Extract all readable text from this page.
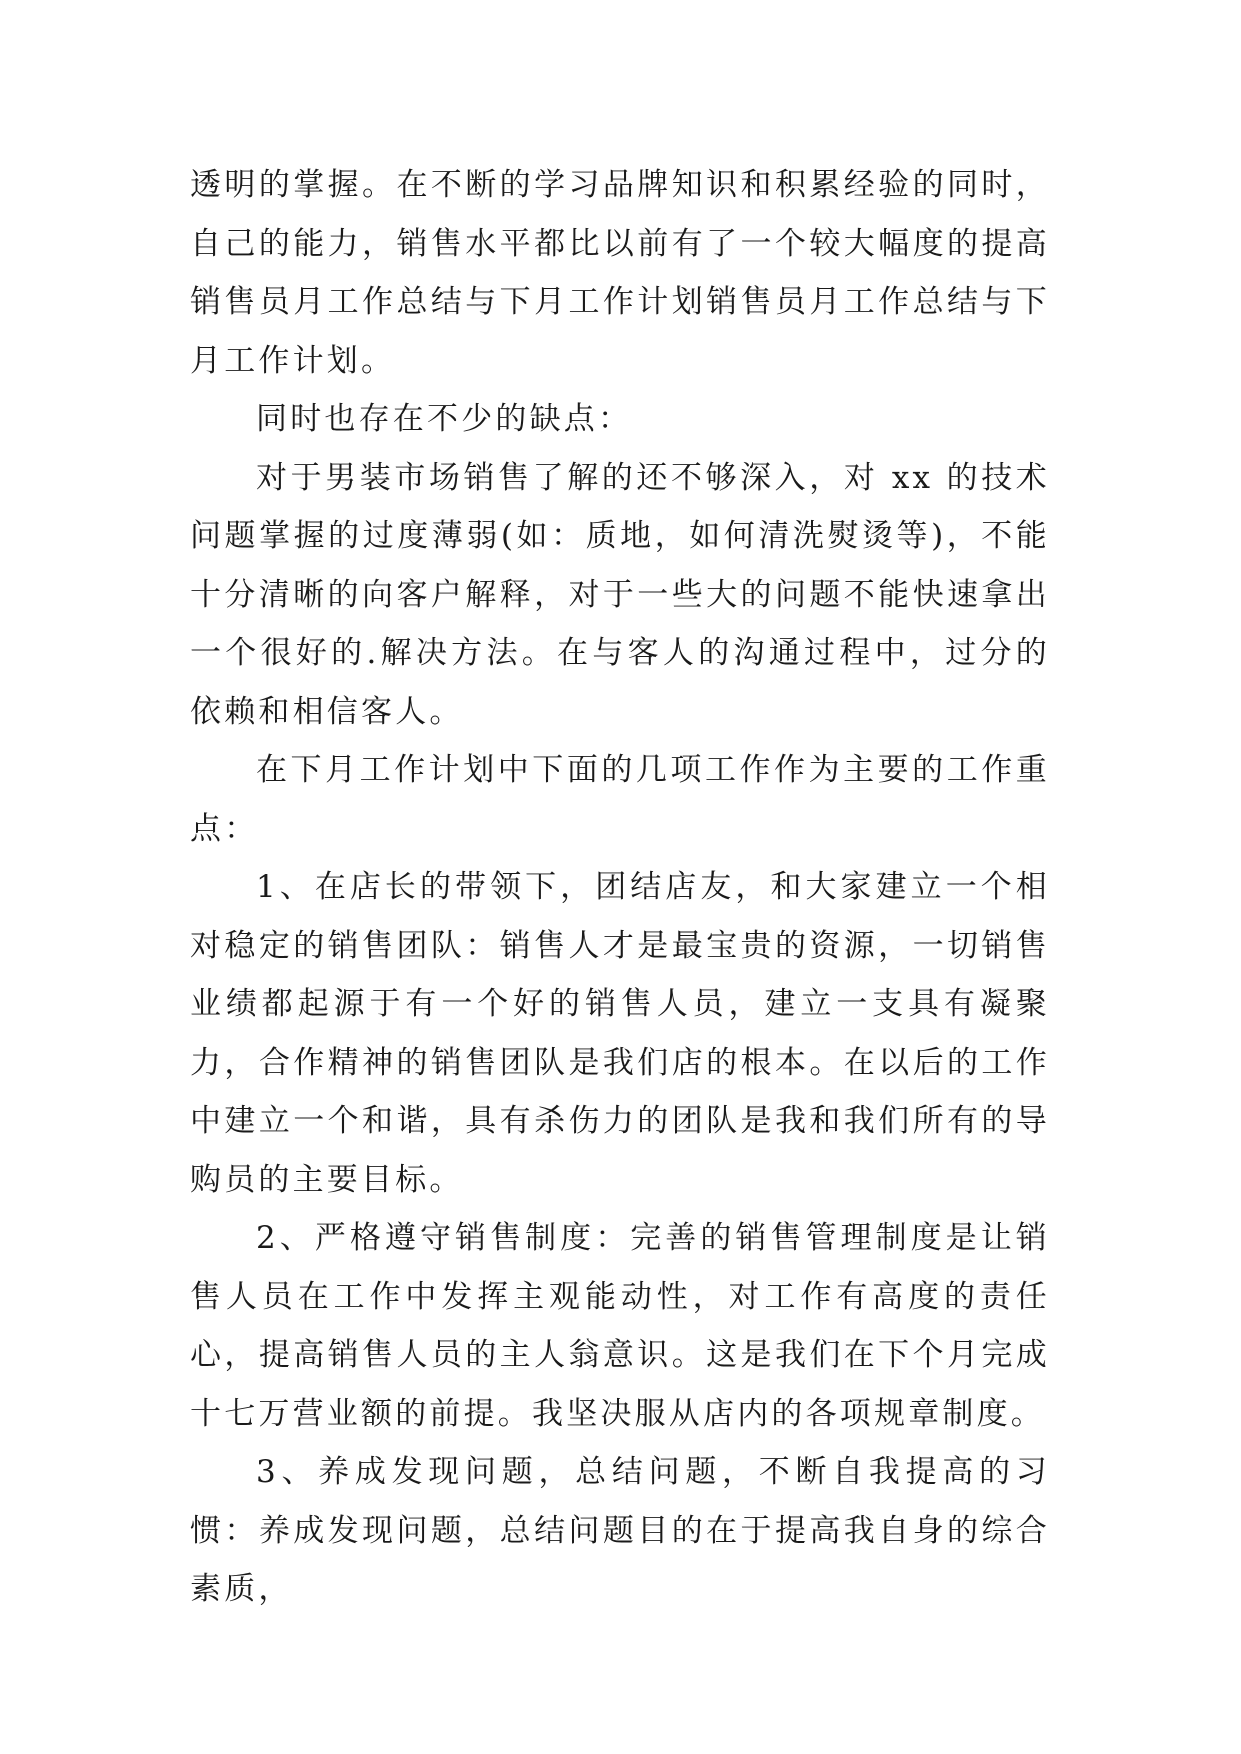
透明的掌握。在不断的学习品牌知识和积累经验的同时，自己的能力，销售水平都比以前有了一个较大幅度的提高销售员月工作总结与下月工作计划销售员月工作总结与下月工作计划。

同时也存在不少的缺点：

对于男装市场销售了解的还不够深入，对 xx 的技术问题掌握的过度薄弱(如：质地，如何清洗熨烫等)，不能十分清晰的向客户解释，对于一些大的问题不能快速拿出一个很好的.解决方法。在与客人的沟通过程中，过分的依赖和相信客人。

在下月工作计划中下面的几项工作作为主要的工作重点：

1、在店长的带领下，团结店友，和大家建立一个相对稳定的销售团队：销售人才是最宝贵的资源，一切销售业绩都起源于有一个好的销售人员，建立一支具有凝聚力，合作精神的销售团队是我们店的根本。在以后的工作中建立一个和谐，具有杀伤力的团队是我和我们所有的导购员的主要目标。

2、严格遵守销售制度：完善的销售管理制度是让销售人员在工作中发挥主观能动性，对工作有高度的责任心，提高销售人员的主人翁意识。这是我们在下个月完成十七万营业额的前提。我坚决服从店内的各项规章制度。

3、养成发现问题，总结问题，不断自我提高的习惯：养成发现问题，总结问题目的在于提高我自身的综合素质，
